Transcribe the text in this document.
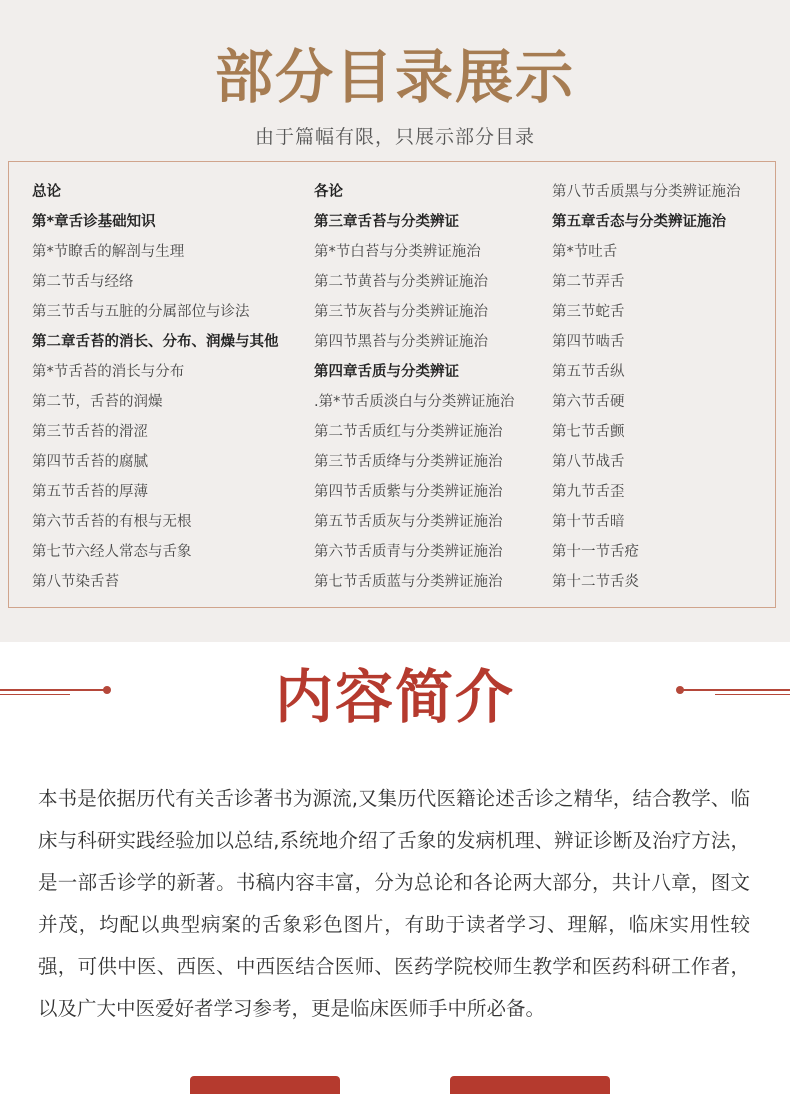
部分目录展示
由于篇幅有限，只展示部分目录
总论
第*章舌诊基础知识
第*节瞭舌的解剖与生理
第二节舌与经络
第三节舌与五脏的分属部位与诊法
第二章舌苔的消长、分布、润燥与其他
第*节舌苔的消长与分布
第二节，舌苔的润燥
第三节舌苔的滑涩
第四节舌苔的腐腻
第五节舌苔的厚薄
第六节舌苔的有根与无根
第七节六经人常态与舌象
第八节染舌苔
各论
第三章舌苔与分类辨证
第*节白苔与分类辨证施治
第二节黄苔与分类辨证施治
第三节灰苔与分类辨证施治
第四节黑苔与分类辨证施治
第四章舌质与分类辨证
.第*节舌质淡白与分类辨证施治
第二节舌质红与分类辨证施治
第三节舌质绛与分类辨证施治
第四节舌质紫与分类辨证施治
第五节舌质灰与分类辨证施治
第六节舌质青与分类辨证施治
第七节舌质蓝与分类辨证施治
第八节舌质黑与分类辨证施治
第五章舌态与分类辨证施治
第*节吐舌
第二节弄舌
第三节蛇舌
第四节啮舌
第五节舌纵
第六节舌硬
第七节舌颤
第八节战舌
第九节舌歪
第十节舌暗
第十一节舌疮
第十二节舌炎
内容简介
本书是依据历代有关舌诊著书为源流,又集历代医籍论述舌诊之精华，结合教学、临床与科研实践经验加以总结,系统地介绍了舌象的发病机理、辨证诊断及治疗方法，是一部舌诊学的新著。书稿内容丰富，分为总论和各论两大部分，共计八章，图文并茂，均配以典型病案的舌象彩色图片，有助于读者学习、理解，临床实用性较强，可供中医、西医、中西医结合医师、医药学院校师生教学和医药科研工作者，以及广大中医爱好者学习参考，更是临床医师手中所必备。
